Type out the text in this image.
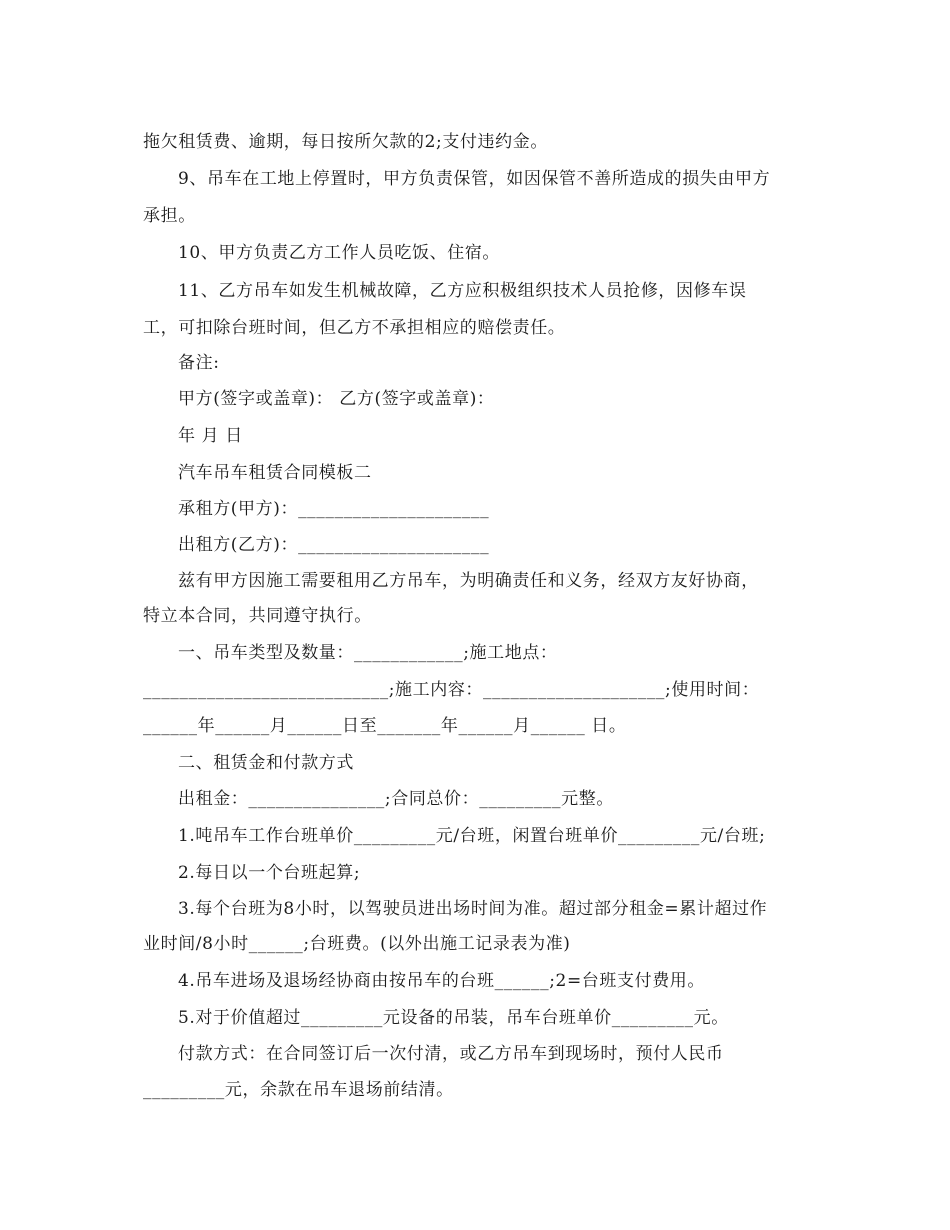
拖欠租赁费、逾期，每日按所欠款的2;支付违约金。
9、吊车在工地上停置时，甲方负责保管，如因保管不善所造成的损失由甲方
承担。
10、甲方负责乙方工作人员吃饭、住宿。
11、乙方吊车如发生机械故障，乙方应积极组织技术人员抢修，因修车误
工，可扣除台班时间，但乙方不承担相应的赔偿责任。
备注:
甲方(签字或盖章)： 乙方(签字或盖章)：
年 月 日
汽车吊车租赁合同模板二
承租方(甲方)：_____________________
出租方(乙方)：_____________________
兹有甲方因施工需要租用乙方吊车，为明确责任和义务，经双方友好协商，
特立本合同，共同遵守执行。
一、吊车类型及数量：____________;施工地点：
___________________________;施工内容：____________________;使用时间：
______年______月______日至_______年______月______ 日。
二、租赁金和付款方式
出租金：_______________;合同总价：_________元整。
1.吨吊车工作台班单价_________元/台班，闲置台班单价_________元/台班;
2.每日以一个台班起算;
3.每个台班为8小时，以驾驶员进出场时间为准。超过部分租金=累计超过作
业时间/8小时______;台班费。(以外出施工记录表为准)
4.吊车进场及退场经协商由按吊车的台班______;2=台班支付费用。
5.对于价值超过_________元设备的吊装，吊车台班单价_________元。
付款方式：在合同签订后一次付清，或乙方吊车到现场时，预付人民币
_________元，余款在吊车退场前结清。
